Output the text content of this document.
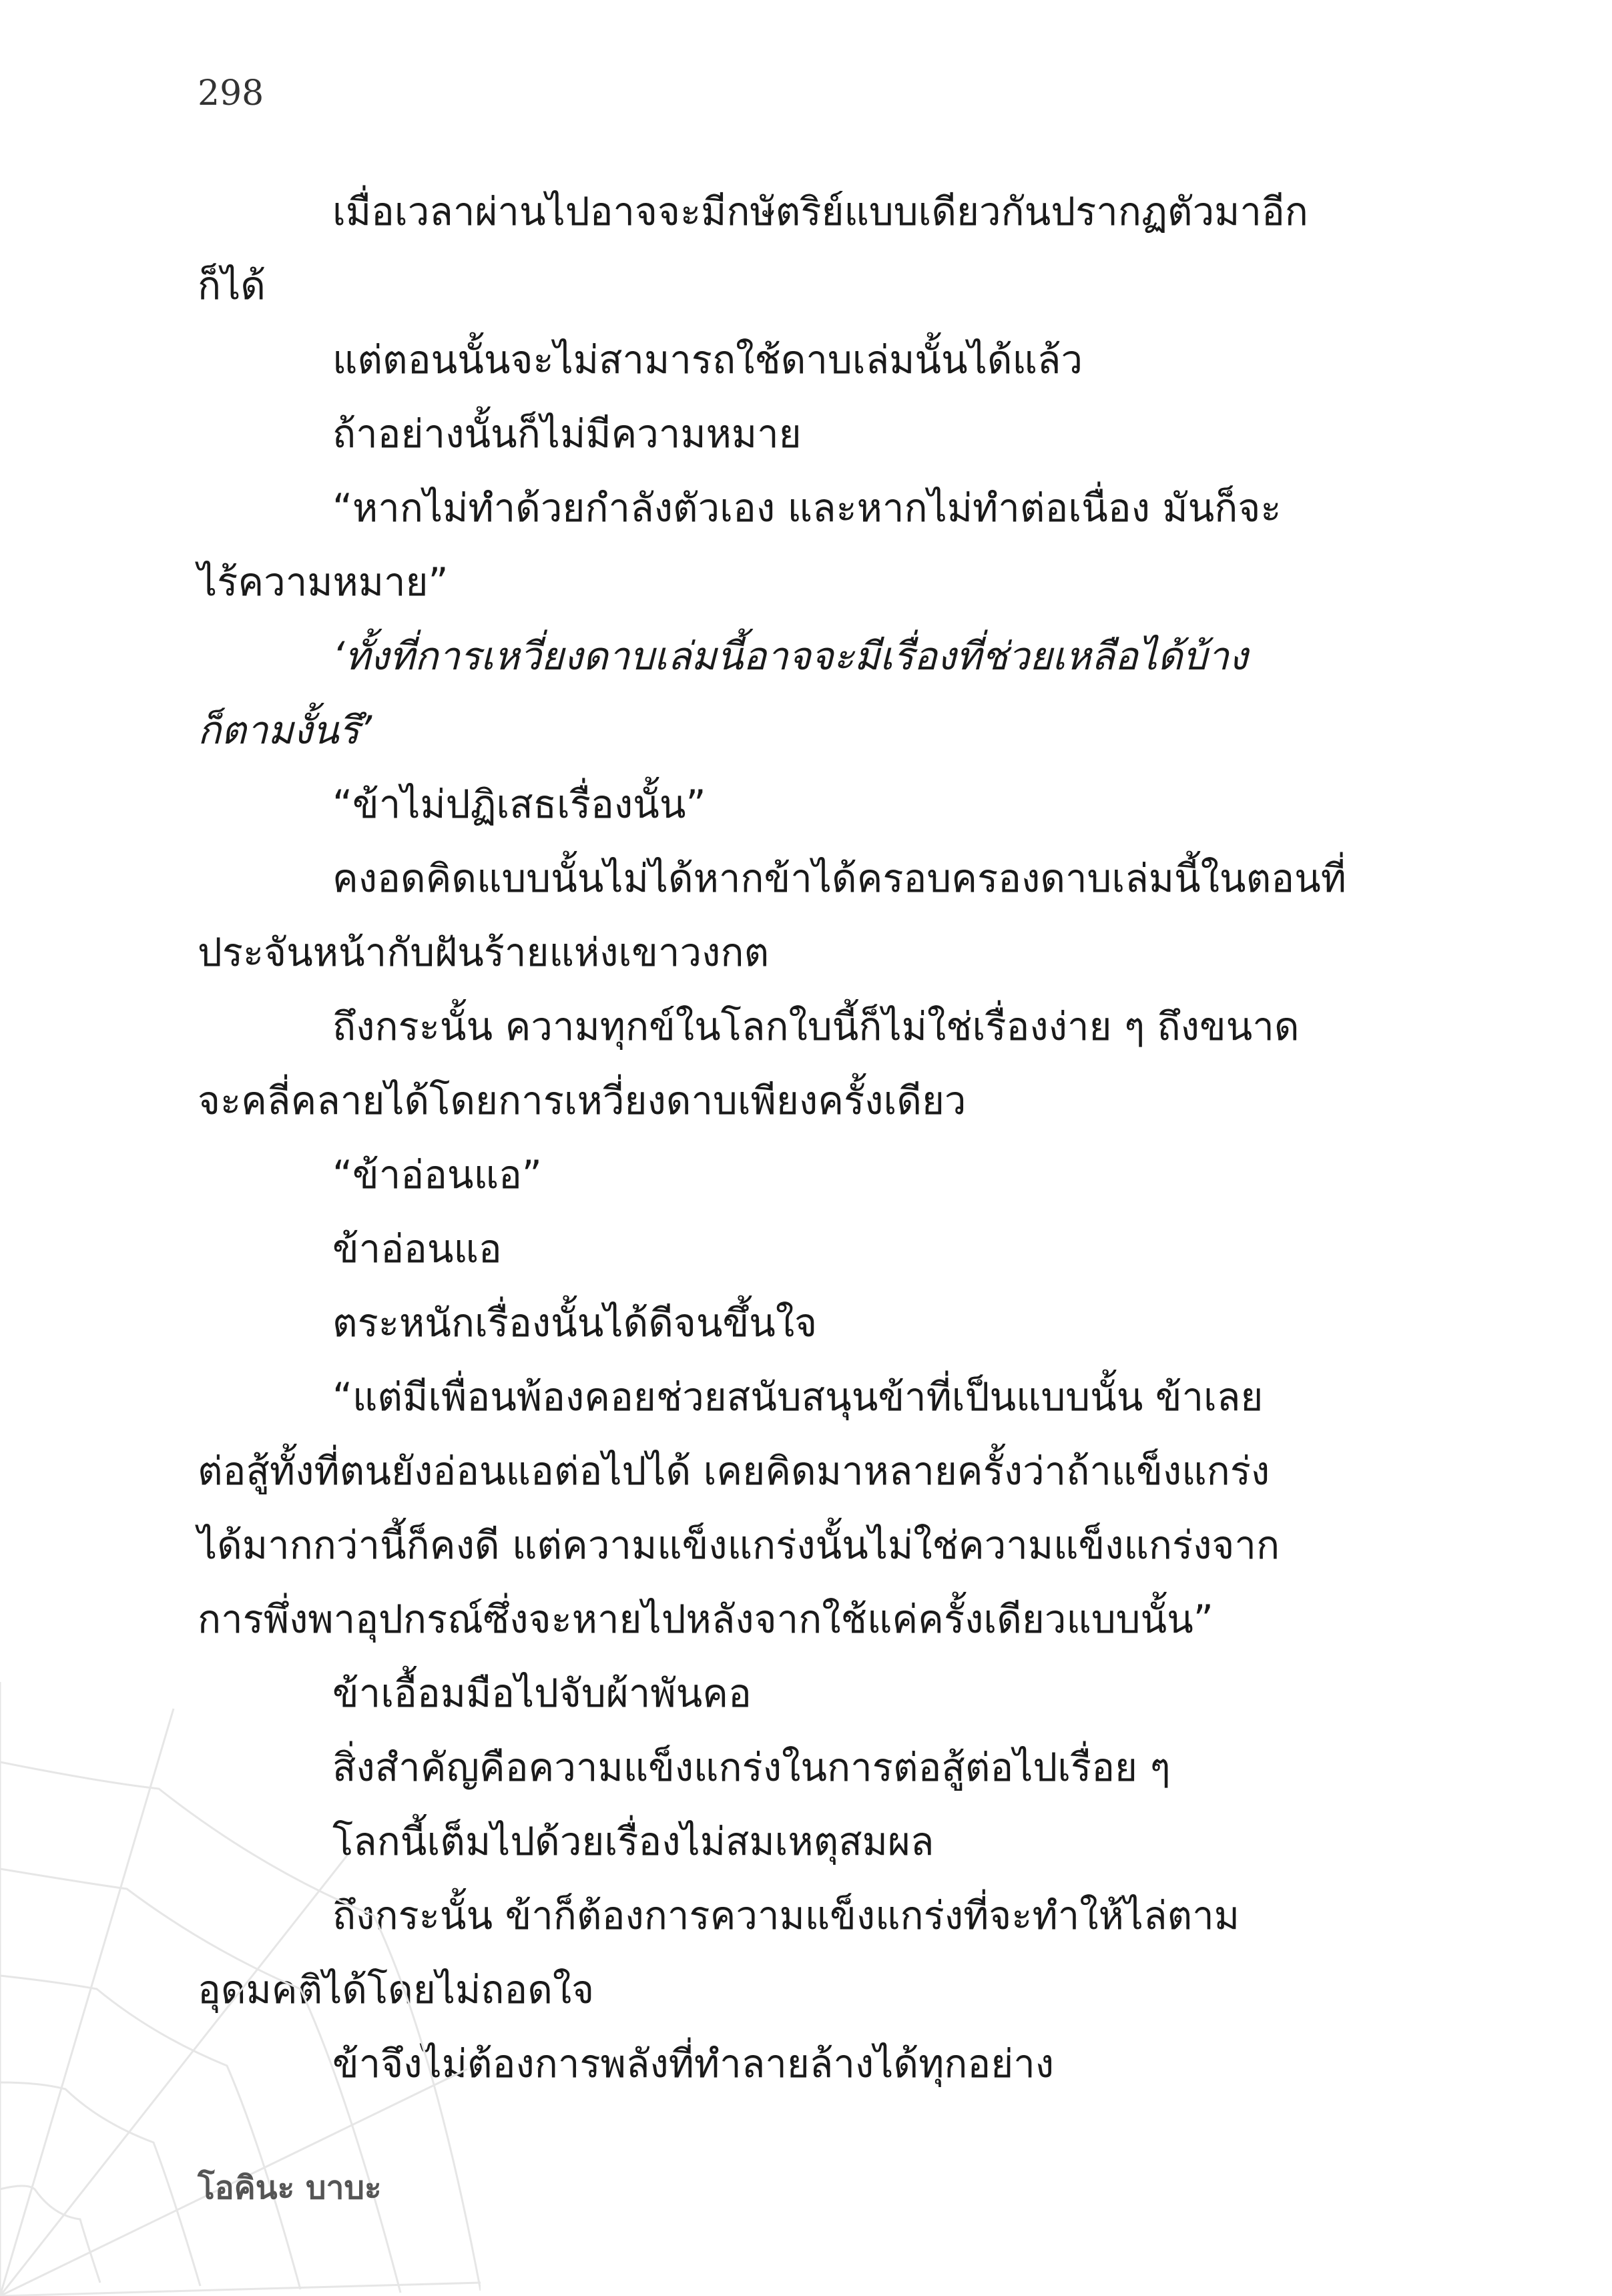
298
เมื่อเวลาผ่านไปอาจจะมีกษัตริย์แบบเดียวกันปรากฏตัวมาอีก
ก็ได้
แต่ตอนนั้นจะไม่สามารถใช้ดาบเล่มนั้นได้แล้ว
ถ้าอย่างนั้นก็ไม่มีความหมาย
“หากไม่ทำด้วยกำลังตัวเอง และหากไม่ทำต่อเนื่อง มันก็จะ
ไร้ความหมาย”
‘ทั้งที่การเหวี่ยงดาบเล่มนี้อาจจะมีเรื่องที่ช่วยเหลือได้บ้าง
ก็ตามงั้นรึ’
“ข้าไม่ปฏิเสธเรื่องนั้น”
คงอดคิดแบบนั้นไม่ได้หากข้าได้ครอบครองดาบเล่มนี้ในตอนที่
ประจันหน้ากับฝันร้ายแห่งเขาวงกต
ถึงกระนั้น ความทุกข์ในโลกใบนี้ก็ไม่ใช่เรื่องง่าย ๆ ถึงขนาด
จะคลี่คลายได้โดยการเหวี่ยงดาบเพียงครั้งเดียว
“ข้าอ่อนแอ”
ข้าอ่อนแอ
ตระหนักเรื่องนั้นได้ดีจนขึ้นใจ
“แต่มีเพื่อนพ้องคอยช่วยสนับสนุนข้าที่เป็นแบบนั้น ข้าเลย
ต่อสู้ทั้งที่ตนยังอ่อนแอต่อไปได้ เคยคิดมาหลายครั้งว่าถ้าแข็งแกร่ง
ได้มากกว่านี้ก็คงดี แต่ความแข็งแกร่งนั้นไม่ใช่ความแข็งแกร่งจาก
การพึ่งพาอุปกรณ์ซึ่งจะหายไปหลังจากใช้แค่ครั้งเดียวแบบนั้น”
ข้าเอื้อมมือไปจับผ้าพันคอ
สิ่งสำคัญคือความแข็งแกร่งในการต่อสู้ต่อไปเรื่อย ๆ
โลกนี้เต็มไปด้วยเรื่องไม่สมเหตุสมผล
ถึงกระนั้น ข้าก็ต้องการความแข็งแกร่งที่จะทำให้ไล่ตาม
อุดมคติได้โดยไม่ถอดใจ
ข้าจึงไม่ต้องการพลังที่ทำลายล้างได้ทุกอย่าง
โอคินะ บาบะ
